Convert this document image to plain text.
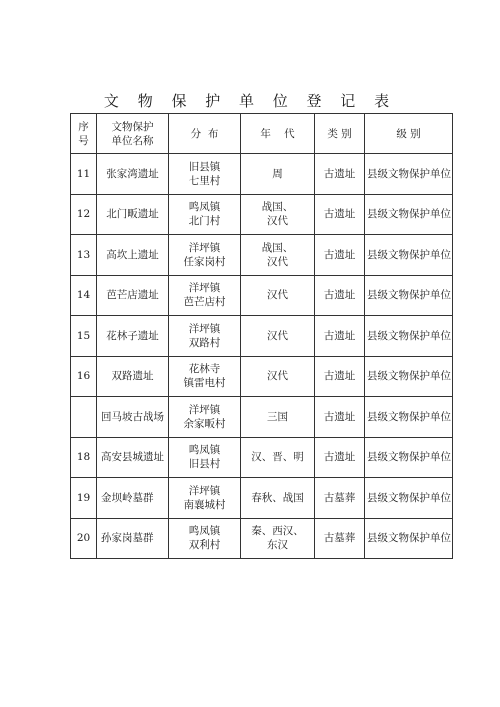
文 物 保 护 单 位 登 记 表
序
号	文物保护
单位名称	分  布	年    代	类 别	级 别

11	张家湾遗址	旧县镇
七里村	周	古遗址	县级文物保护单位

12	北门畈遗址	鸣凤镇
北门村	战国、
汉代	古遗址	县级文物保护单位

13	高坎上遗址	洋坪镇
任家岗村	战国、
汉代	古遗址	县级文物保护单位

14	芭芒店遗址	洋坪镇
芭芒店村	汉代	古遗址	县级文物保护单位

15	花林子遗址	洋坪镇
双路村	汉代	古遗址	县级文物保护单位

16	双路遗址	花林寺
镇雷电村	汉代	古遗址	县级文物保护单位

	回马坡古战场	洋坪镇
余家畈村	三国	古遗址	县级文物保护单位

18	高安县城遗址	鸣凤镇
旧县村	汉、晋、明	古遗址	县级文物保护单位

19	金坝岭墓群	洋坪镇
南襄城村	春秋、战国	古墓葬	县级文物保护单位

20	孙家岗墓群	鸣凤镇
双利村	秦、西汉、
东汉	古墓葬	县级文物保护单位
